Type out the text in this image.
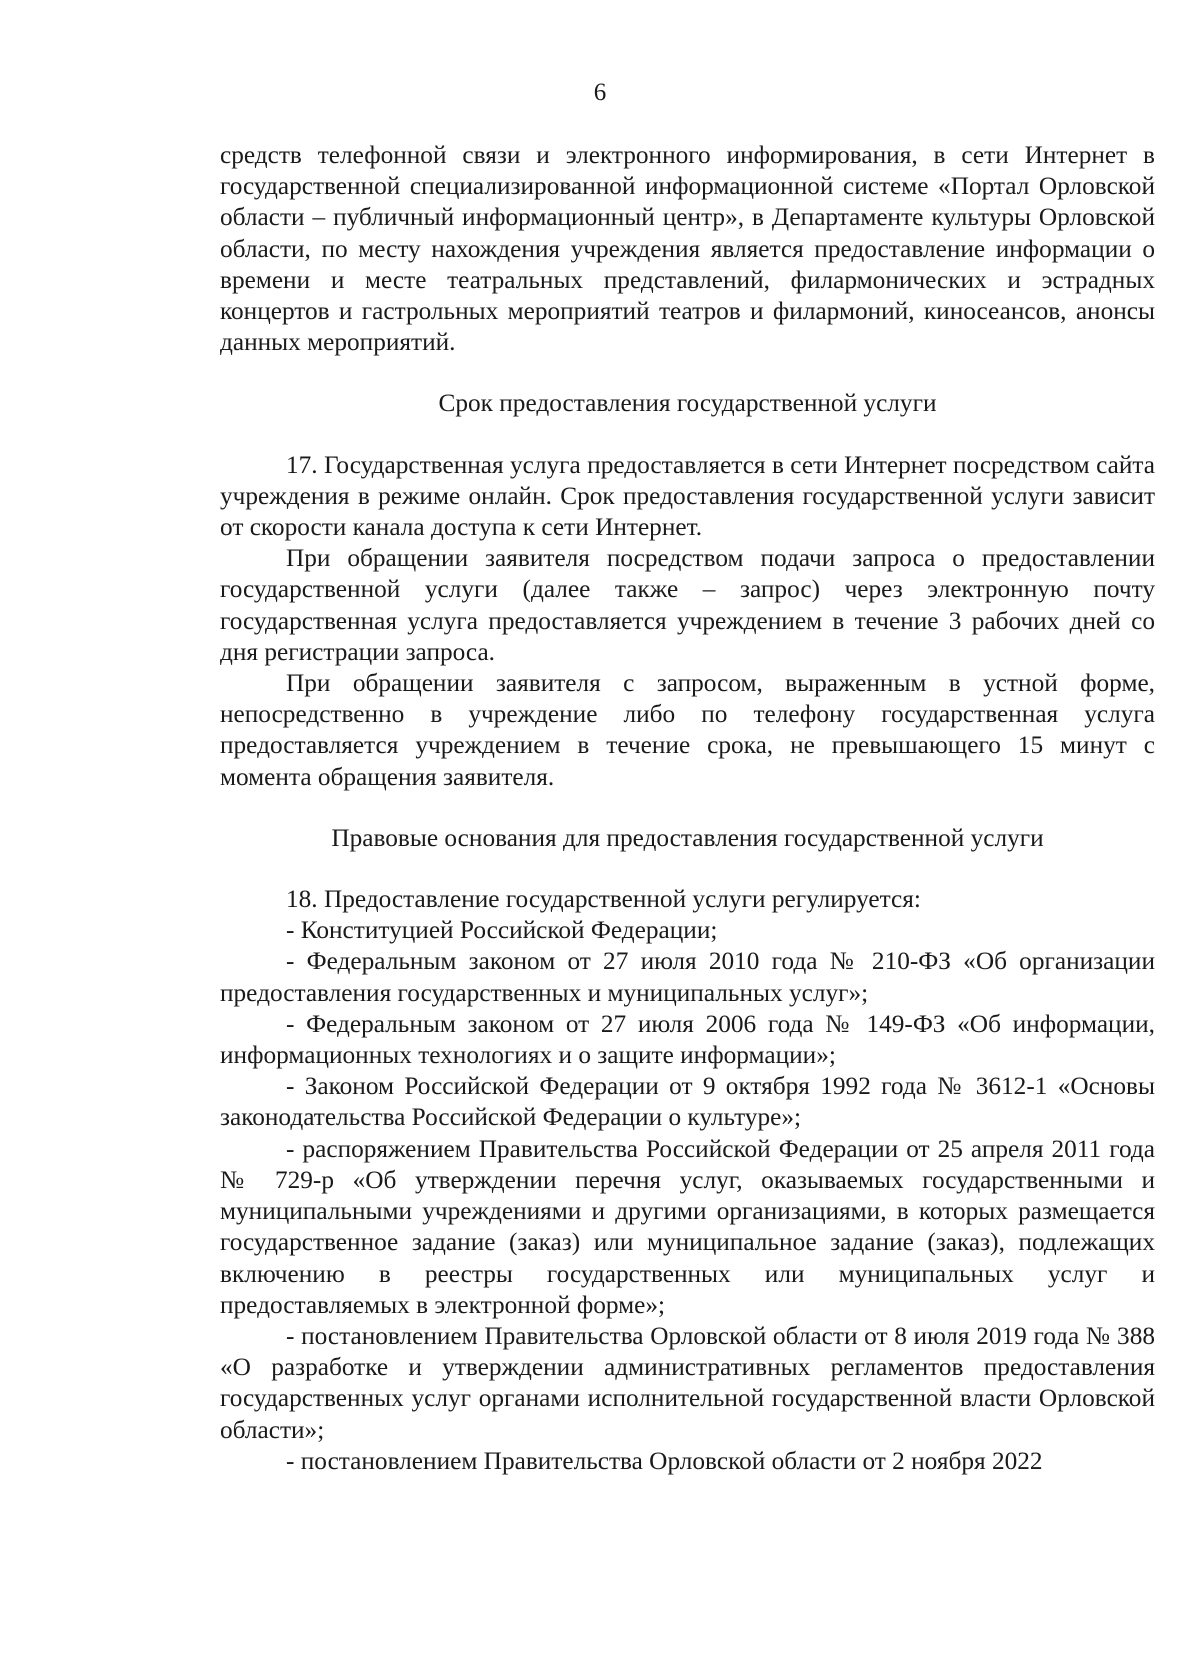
6

средств телефонной связи и электронного информирования, в сети Интернет в государственной специализированной информационной системе «Портал Орловской области – публичный информационный центр», в Департаменте культуры Орловской области, по месту нахождения учреждения является предоставление информации о времени и месте театральных представлений, филармонических и эстрадных концертов и гастрольных мероприятий театров и филармоний, киносеансов, анонсы данных мероприятий.

Срок предоставления государственной услуги

17. Государственная услуга предоставляется в сети Интернет посредством сайта учреждения в режиме онлайн. Срок предоставления государственной услуги зависит от скорости канала доступа к сети Интернет.

При обращении заявителя посредством подачи запроса о предоставлении государственной услуги (далее также – запрос) через электронную почту государственная услуга предоставляется учреждением в течение 3 рабочих дней со дня регистрации запроса.

При обращении заявителя с запросом, выраженным в устной форме, непосредственно в учреждение либо по телефону государственная услуга предоставляется учреждением в течение срока, не превышающего 15 минут с момента обращения заявителя.

Правовые основания для предоставления государственной услуги

18. Предоставление государственной услуги регулируется:

- Конституцией Российской Федерации;

- Федеральным законом от 27 июля 2010 года № 210-ФЗ «Об организации предоставления государственных и муниципальных услуг»;

- Федеральным законом от 27 июля 2006 года № 149-ФЗ «Об информации, информационных технологиях и о защите информации»;

- Законом Российской Федерации от 9 октября 1992 года № 3612-1 «Основы законодательства Российской Федерации о культуре»;

- распоряжением Правительства Российской Федерации от 25 апреля 2011 года № 729-р «Об утверждении перечня услуг, оказываемых государственными и муниципальными учреждениями и другими организациями, в которых размещается государственное задание (заказ) или муниципальное задание (заказ), подлежащих включению в реестры государственных или муниципальных услуг и предоставляемых в электронной форме»;

- постановлением Правительства Орловской области от 8 июля 2019 года № 388 «О разработке и утверждении административных регламентов предоставления государственных услуг органами исполнительной государственной власти Орловской области»;

- постановлением Правительства Орловской области от 2 ноября 2022
